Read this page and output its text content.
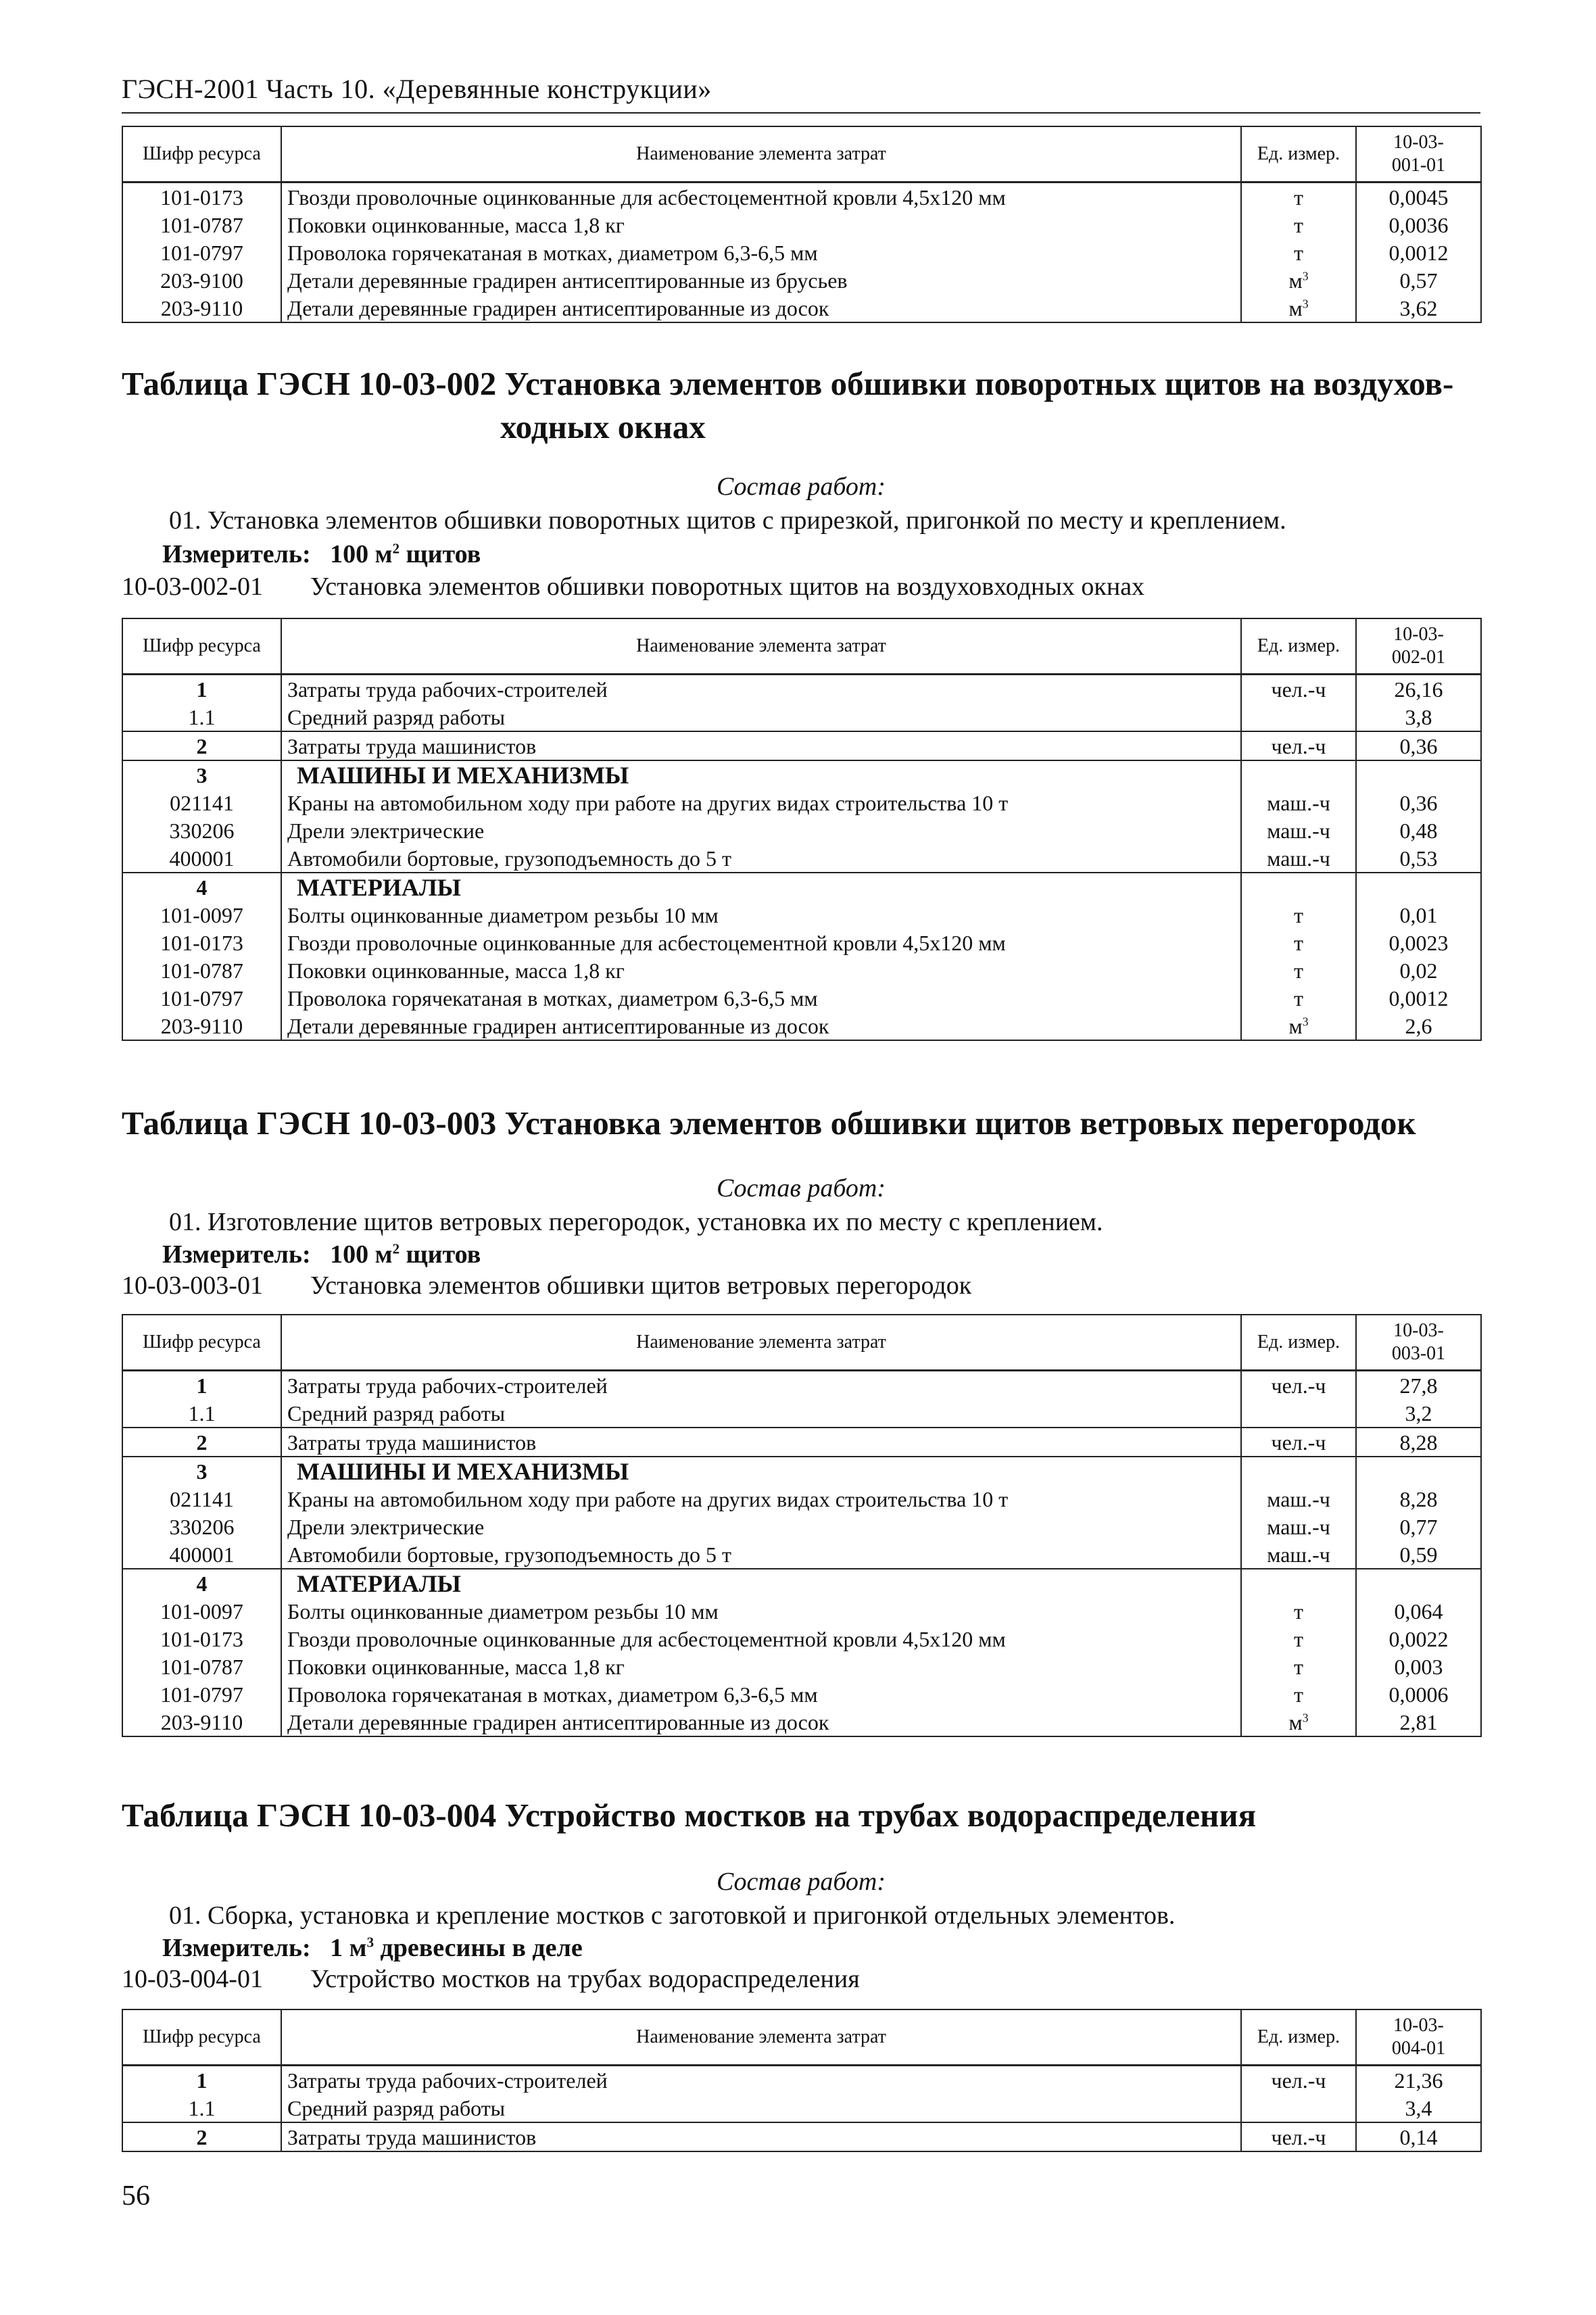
ГЭСН-2001 Часть 10. «Деревянные конструкции»
Шифр ресурса	Наименование элемента затрат	Ед. измер.	10-03-
001-01
101-0173	Гвозди проволочные оцинкованные для асбестоцементной кровли 4,5х120 мм	т	0,0045
101-0787	Поковки оцинкованные, масса 1,8 кг	т	0,0036
101-0797	Проволока горячекатаная в мотках, диаметром 6,3-6,5 мм	т	0,0012
203-9100	Детали деревянные градирен антисептированные из брусьев	$м^3$	0,57
203-9110	Детали деревянные градирен антисептированные из досок	$м^3$	3,62
Таблица ГЭСН 10-03-002 Установка элементов обшивки поворотных щитов на воздухов-
ходных окнах
Состав работ:
01. Установка элементов обшивки поворотных щитов с прирезкой, пригонкой по месту и креплением.
Измеритель: 100 $м^2$ щитов
10-03-002-01 Установка элементов обшивки поворотных щитов на воздуховходных окнах
Шифр ресурса	Наименование элемента затрат	Ед. измер.	10-03-
002-01
1	Затраты труда рабочих-строителей	чел.-ч	26,16
1.1	Средний разряд работы		3,8
2	Затраты труда машинистов	чел.-ч	0,36
3	МАШИНЫ И МЕХАНИЗМЫ		
021141	Краны на автомобильном ходу при работе на других видах строительства 10 т	маш.-ч	0,36
330206	Дрели электрические	маш.-ч	0,48
400001	Автомобили бортовые, грузоподъемность до 5 т	маш.-ч	0,53
4	МАТЕРИАЛЫ		
101-0097	Болты оцинкованные диаметром резьбы 10 мм	т	0,01
101-0173	Гвозди проволочные оцинкованные для асбестоцементной кровли 4,5х120 мм	т	0,0023
101-0787	Поковки оцинкованные, масса 1,8 кг	т	0,02
101-0797	Проволока горячекатаная в мотках, диаметром 6,3-6,5 мм	т	0,0012
203-9110	Детали деревянные градирен антисептированные из досок	$м^3$	2,6
Таблица ГЭСН 10-03-003 Установка элементов обшивки щитов ветровых перегородок
Состав работ:
01. Изготовление щитов ветровых перегородок, установка их по месту с креплением.
Измеритель: 100 $м^2$ щитов
10-03-003-01 Установка элементов обшивки щитов ветровых перегородок
Шифр ресурса	Наименование элемента затрат	Ед. измер.	10-03-
003-01
1	Затраты труда рабочих-строителей	чел.-ч	27,8
1.1	Средний разряд работы		3,2
2	Затраты труда машинистов	чел.-ч	8,28
3	МАШИНЫ И МЕХАНИЗМЫ		
021141	Краны на автомобильном ходу при работе на других видах строительства 10 т	маш.-ч	8,28
330206	Дрели электрические	маш.-ч	0,77
400001	Автомобили бортовые, грузоподъемность до 5 т	маш.-ч	0,59
4	МАТЕРИАЛЫ		
101-0097	Болты оцинкованные диаметром резьбы 10 мм	т	0,064
101-0173	Гвозди проволочные оцинкованные для асбестоцементной кровли 4,5х120 мм	т	0,0022
101-0787	Поковки оцинкованные, масса 1,8 кг	т	0,003
101-0797	Проволока горячекатаная в мотках, диаметром 6,3-6,5 мм	т	0,0006
203-9110	Детали деревянные градирен антисептированные из досок	$м^3$	2,81
Таблица ГЭСН 10-03-004 Устройство мостков на трубах водораспределения
Состав работ:
01. Сборка, установка и крепление мостков с заготовкой и пригонкой отдельных элементов.
Измеритель: 1 $м^3$ древесины в деле
10-03-004-01 Устройство мостков на трубах водораспределения
Шифр ресурса	Наименование элемента затрат	Ед. измер.	10-03-
004-01
1	Затраты труда рабочих-строителей	чел.-ч	21,36
1.1	Средний разряд работы		3,4
2	Затраты труда машинистов	чел.-ч	0,14
56
